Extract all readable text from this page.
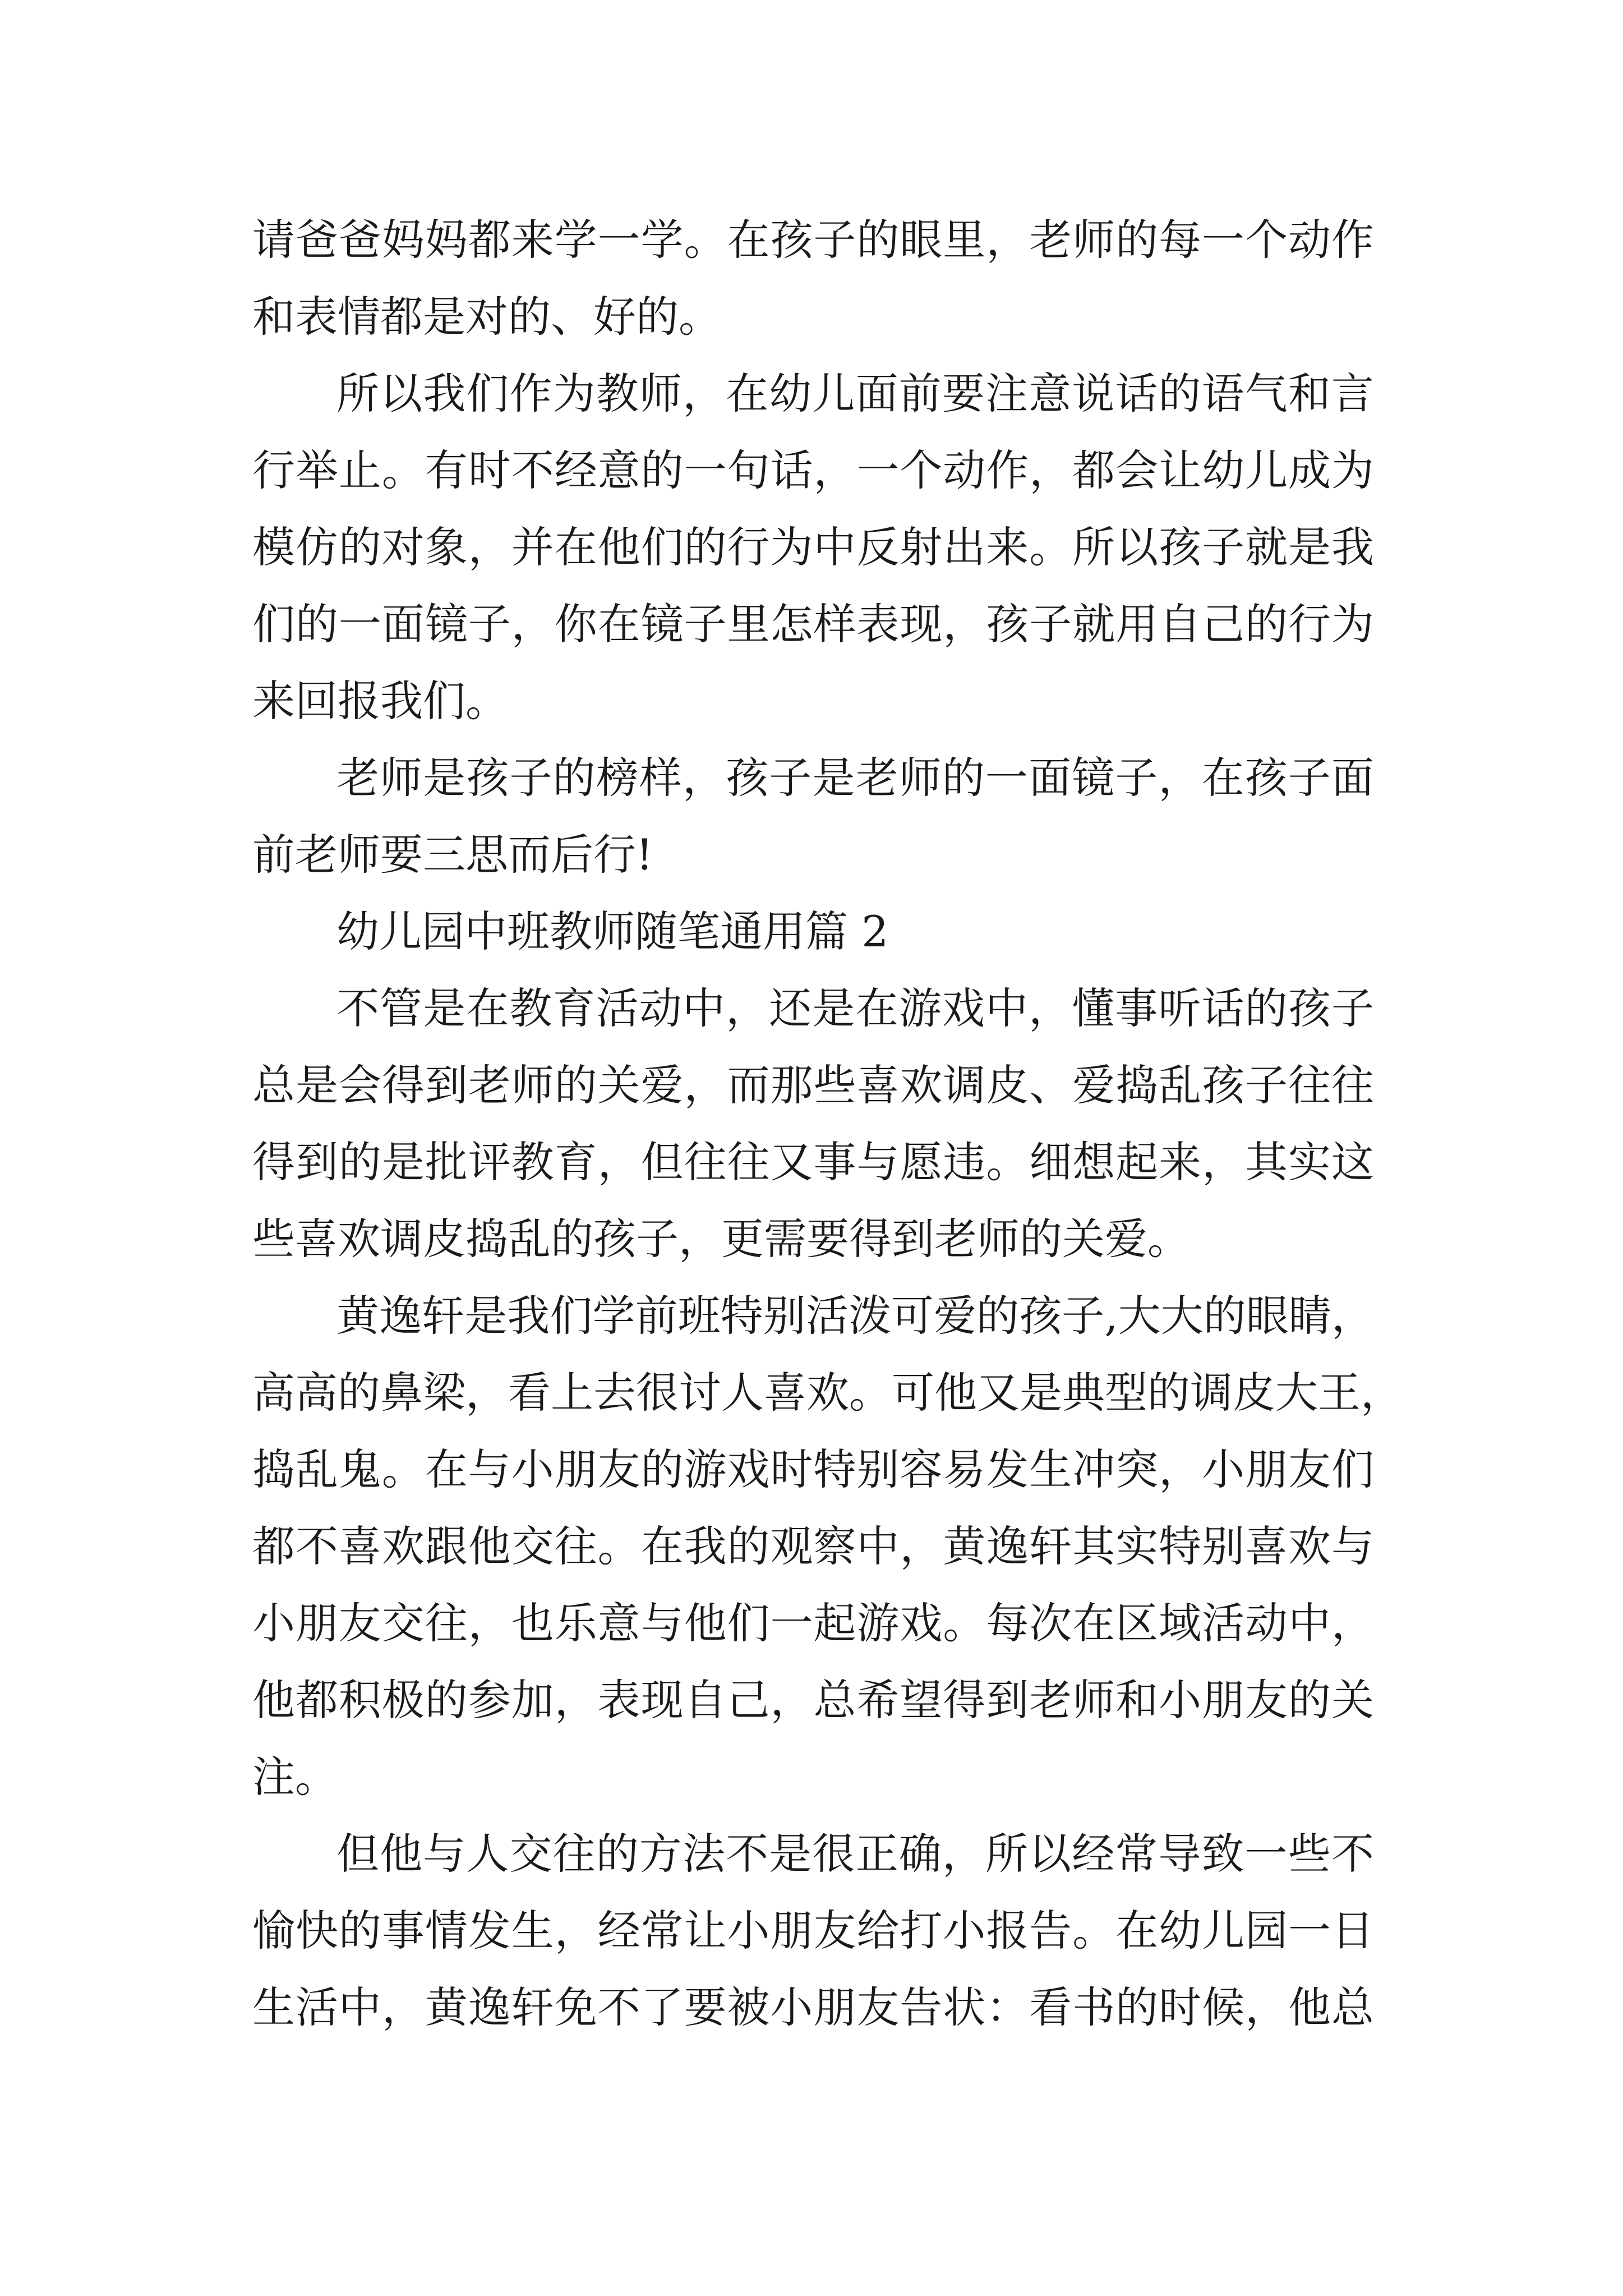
请爸爸妈妈都来学一学。在孩子的眼里，老师的每一个动作
和表情都是对的、好的。
所以我们作为教师，在幼儿面前要注意说话的语气和言
行举止。有时不经意的一句话，一个动作，都会让幼儿成为
模仿的对象，并在他们的行为中反射出来。所以孩子就是我
们的一面镜子，你在镜子里怎样表现，孩子就用自己的行为
来回报我们。
老师是孩子的榜样，孩子是老师的一面镜子，在孩子面
前老师要三思而后行!
幼儿园中班教师随笔通用篇 2
不管是在教育活动中，还是在游戏中，懂事听话的孩子
总是会得到老师的关爱，而那些喜欢调皮、爱捣乱孩子往往
得到的是批评教育，但往往又事与愿违。细想起来，其实这
些喜欢调皮捣乱的孩子，更需要得到老师的关爱。
黄逸轩是我们学前班特别活泼可爱的孩子,大大的眼睛，
高高的鼻梁，看上去很讨人喜欢。可他又是典型的调皮大王，
捣乱鬼。在与小朋友的游戏时特别容易发生冲突，小朋友们
都不喜欢跟他交往。在我的观察中，黄逸轩其实特别喜欢与
小朋友交往，也乐意与他们一起游戏。每次在区域活动中，
他都积极的参加，表现自己，总希望得到老师和小朋友的关
注。
但他与人交往的方法不是很正确，所以经常导致一些不
愉快的事情发生，经常让小朋友给打小报告。在幼儿园一日
生活中，黄逸轩免不了要被小朋友告状：看书的时候，他总
